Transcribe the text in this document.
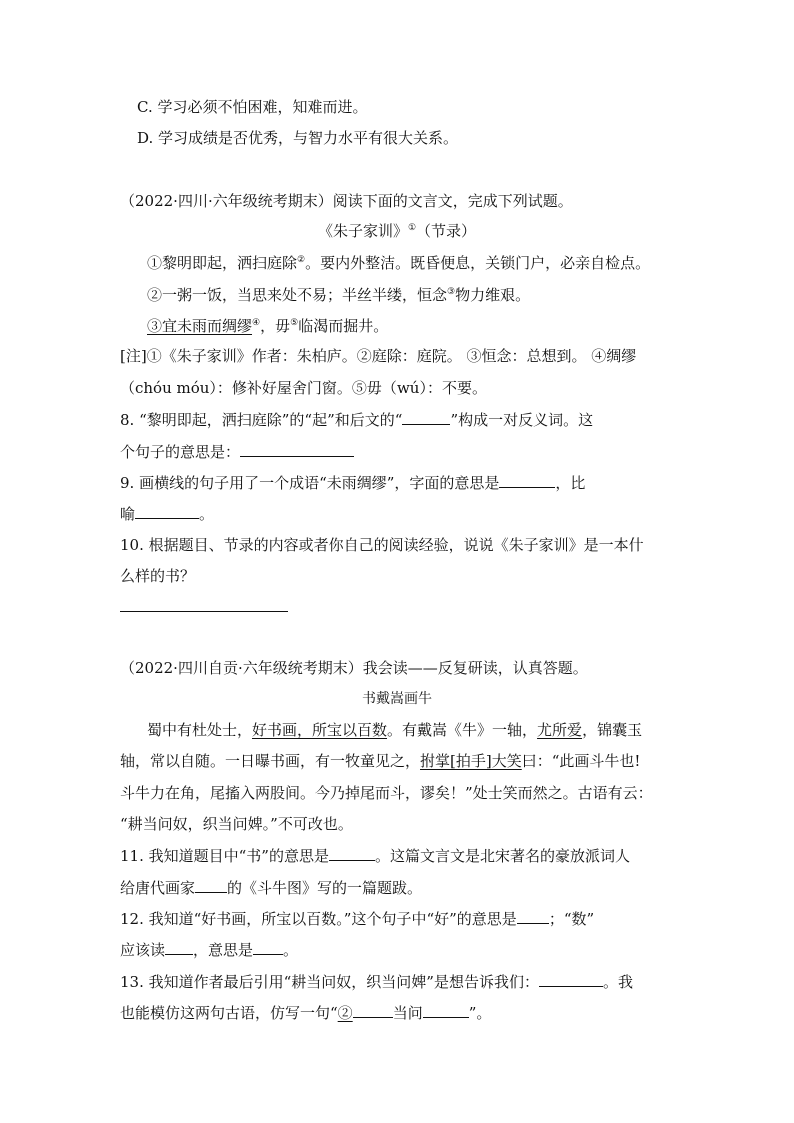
C. 学习必须不怕困难，知难而进。
D. 学习成绩是否优秀，与智力水平有很大关系。
（2022·四川·六年级统考期末）阅读下面的文言文，完成下列试题。
《朱子家训》①（节录）
①黎明即起，洒扫庭除②。要内外整洁。既昏便息，关锁门户，必亲自检点。
②一粥一饭，当思来处不易；半丝半缕，恒念③物力维艰。
③宜未雨而绸缪④，毋⑤临渴而掘井。
[注]①《朱子家训》作者：朱柏庐。②庭除：庭院。 ③恒念：总想到。 ④绸缪
（chóu móu）：修补好屋舍门窗。⑤毋（wú）：不要。
8. “黎明即起，洒扫庭除”的“起”和后文的“	”构成一对反义词。这
个句子的意思是：
9. 画横线的句子用了一个成语“未雨绸缪”，字面的意思是	，比
喻	。
10. 根据题目、节录的内容或者你自己的阅读经验，说说《朱子家训》是一本什
么样的书？
（2022·四川自贡·六年级统考期末）我会读——反复研读，认真答题。
书戴嵩画牛
蜀中有杜处士，好书画，所宝以百数。有戴嵩《牛》一轴，尤所爱，锦囊玉
轴，常以自随。一日曝书画，有一牧童见之，拊掌[拍手]大笑曰：“此画斗牛也!
斗牛力在角，尾搐入两股间。今乃掉尾而斗，谬矣！”处士笑而然之。古语有云：
“耕当问奴，织当问婢。”不可改也。
11. 我知道题目中“书”的意思是	。这篇文言文是北宋著名的豪放派词人
给唐代画家 的《斗牛图》写的一篇题跋。
12. 我知道“好书画，所宝以百数。”这个句子中“好”的意思是 ；“数”
应该读 ，意思是 。
13. 我知道作者最后引用“耕当问奴，织当问婢”是想告诉我们：	。我
也能模仿这两句古语，仿写一句“②	当问	”。
